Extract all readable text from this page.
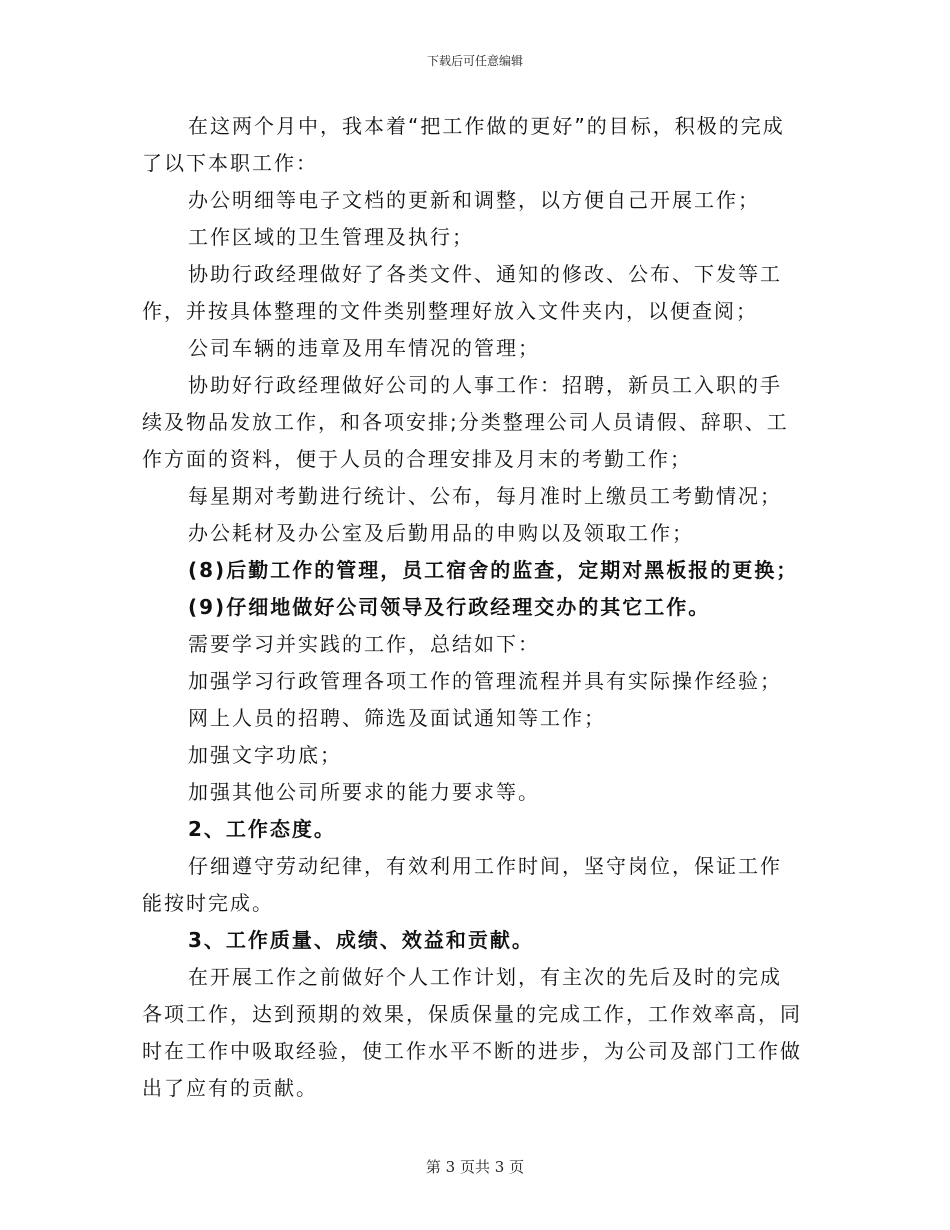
下载后可任意编辑

在这两个月中，我本着“把工作做的更好”的目标，积极的完成了以下本职工作：

办公明细等电子文档的更新和调整，以方便自己开展工作；

工作区域的卫生管理及执行；

协助行政经理做好了各类文件、通知的修改、公布、下发等工作，并按具体整理的文件类别整理好放入文件夹内，以便查阅；

公司车辆的违章及用车情况的管理；

协助好行政经理做好公司的人事工作：招聘，新员工入职的手续及物品发放工作，和各项安排;分类整理公司人员请假、辞职、工作方面的资料，便于人员的合理安排及月末的考勤工作；

每星期对考勤进行统计、公布，每月准时上缴员工考勤情况；

办公耗材及办公室及后勤用品的申购以及领取工作；

(8)后勤工作的管理，员工宿舍的监查，定期对黑板报的更换；

(9)仔细地做好公司领导及行政经理交办的其它工作。

需要学习并实践的工作，总结如下：

加强学习行政管理各项工作的管理流程并具有实际操作经验；

网上人员的招聘、筛选及面试通知等工作；

加强文字功底；

加强其他公司所要求的能力要求等。

2、工作态度。

仔细遵守劳动纪律，有效利用工作时间，坚守岗位，保证工作能按时完成。

3、工作质量、成绩、效益和贡献。

在开展工作之前做好个人工作计划，有主次的先后及时的完成各项工作，达到预期的效果，保质保量的完成工作，工作效率高，同时在工作中吸取经验，使工作水平不断的进步，为公司及部门工作做出了应有的贡献。

第 3 页共 3 页
